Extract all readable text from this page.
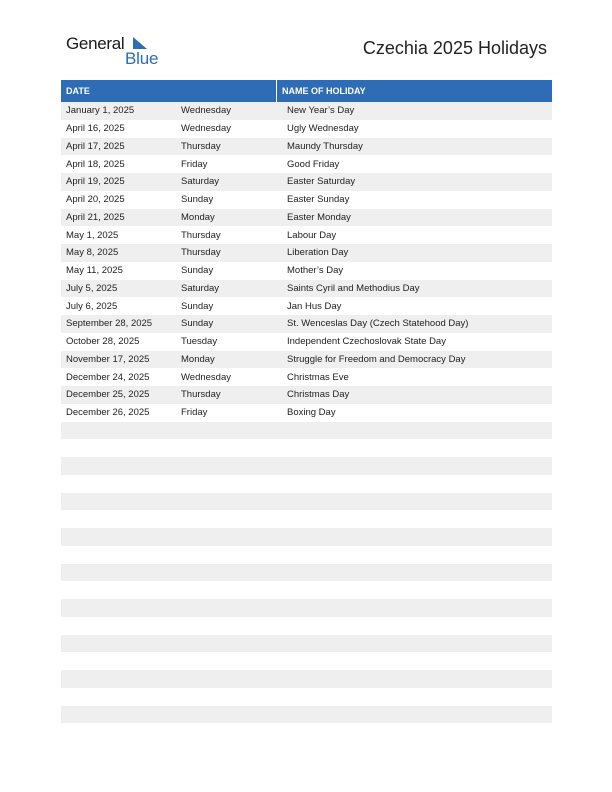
General
Blue
Czechia 2025 Holidays
DATE	NAME OF HOLIDAY
January 1, 2025	Wednesday	New Year’s Day
April 16, 2025	Wednesday	Ugly Wednesday
April 17, 2025	Thursday	Maundy Thursday
April 18, 2025	Friday	Good Friday
April 19, 2025	Saturday	Easter Saturday
April 20, 2025	Sunday	Easter Sunday
April 21, 2025	Monday	Easter Monday
May 1, 2025	Thursday	Labour Day
May 8, 2025	Thursday	Liberation Day
May 11, 2025	Sunday	Mother’s Day
July 5, 2025	Saturday	Saints Cyril and Methodius Day
July 6, 2025	Sunday	Jan Hus Day
September 28, 2025	Sunday	St. Wenceslas Day (Czech Statehood Day)
October 28, 2025	Tuesday	Independent Czechoslovak State Day
November 17, 2025	Monday	Struggle for Freedom and Democracy Day
December 24, 2025	Wednesday	Christmas Eve
December 25, 2025	Thursday	Christmas Day
December 26, 2025	Friday	Boxing Day
